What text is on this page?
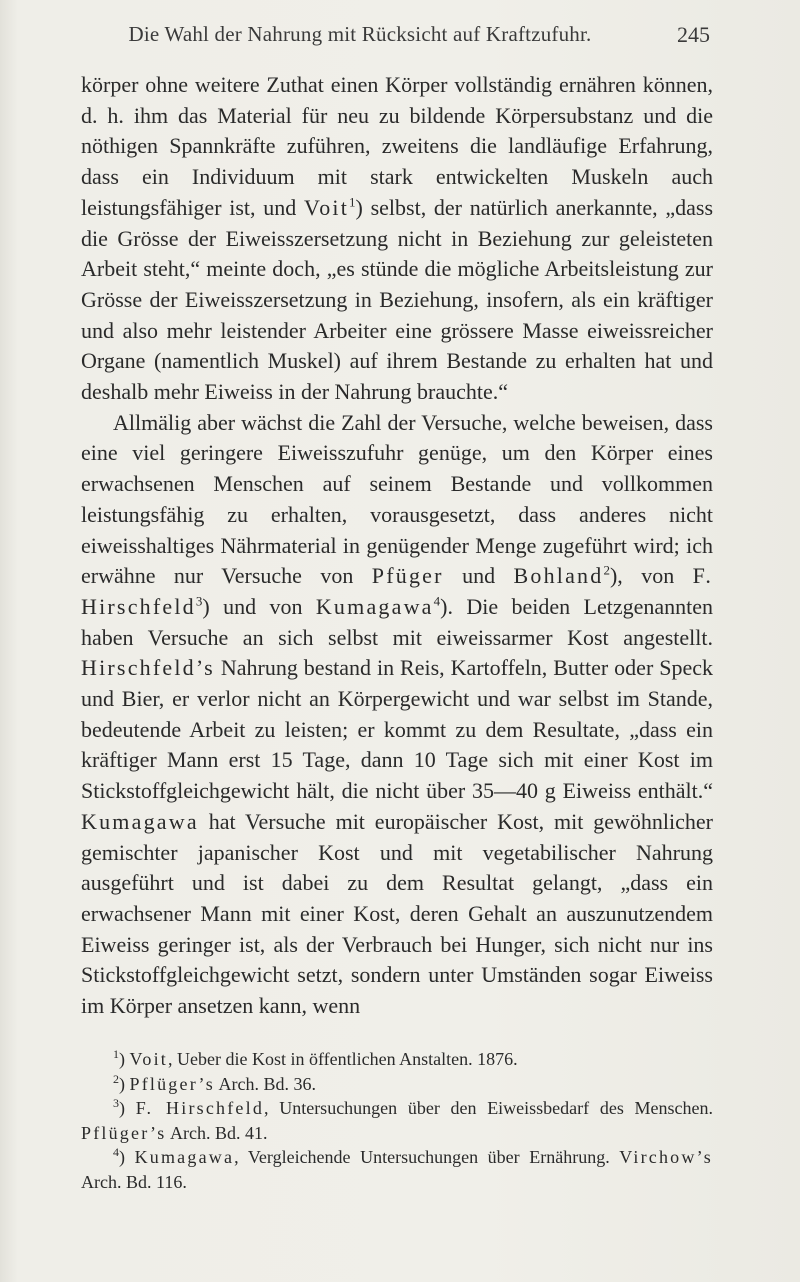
Die Wahl der Nahrung mit Rücksicht auf Kraftzufuhr.	245

körper ohne weitere Zuthat einen Körper vollständig ernähren können, d. h. ihm das Material für neu zu bildende Körpersubstanz und die nöthigen Spannkräfte zuführen, zweitens die landläufige Erfahrung, dass ein Individuum mit stark entwickelten Muskeln auch leistungsfähiger ist, und Voit$^1$) selbst, der natürlich anerkannte, „dass die Grösse der Eiweisszersetzung nicht in Beziehung zur geleisteten Arbeit steht,“ meinte doch, „es stünde die mögliche Arbeitsleistung zur Grösse der Eiweisszersetzung in Beziehung, insofern, als ein kräftiger und also mehr leistender Arbeiter eine grössere Masse eiweissreicher Organe (namentlich Muskel) auf ihrem Bestande zu erhalten hat und deshalb mehr Eiweiss in der Nahrung brauchte.“

Allmälig aber wächst die Zahl der Versuche, welche beweisen, dass eine viel geringere Eiweisszufuhr genüge, um den Körper eines erwachsenen Menschen auf seinem Bestande und vollkommen leistungsfähig zu erhalten, vorausgesetzt, dass anderes nicht eiweisshaltiges Nährmaterial in genügender Menge zugeführt wird; ich erwähne nur Versuche von Pfüger und Bohland$^2$), von F. Hirschfeld$^3$) und von Kumagawa$^4$). Die beiden Letzgenannten haben Versuche an sich selbst mit eiweissarmer Kost angestellt. Hirschfeld’s Nahrung bestand in Reis, Kartoffeln, Butter oder Speck und Bier, er verlor nicht an Körpergewicht und war selbst im Stande, bedeutende Arbeit zu leisten; er kommt zu dem Resultate, „dass ein kräftiger Mann erst 15 Tage, dann 10 Tage sich mit einer Kost im Stickstoffgleichgewicht hält, die nicht über 35—40 g Eiweiss enthält.“ Kumagawa hat Versuche mit europäischer Kost, mit gewöhnlicher gemischter japanischer Kost und mit vegetabilischer Nahrung ausgeführt und ist dabei zu dem Resultat gelangt, „dass ein erwachsener Mann mit einer Kost, deren Gehalt an auszunutzendem Eiweiss geringer ist, als der Verbrauch bei Hunger, sich nicht nur ins Stickstoffgleichgewicht setzt, sondern unter Umständen sogar Eiweiss im Körper ansetzen kann, wenn

$^1$) Voit, Ueber die Kost in öffentlichen Anstalten. 1876.

$^2$) Pflüger’s Arch. Bd. 36.

$^3$) F. Hirschfeld, Untersuchungen über den Eiweissbedarf des Menschen. Pflüger’s Arch. Bd. 41.

$^4$) Kumagawa, Vergleichende Untersuchungen über Ernährung. Virchow’s Arch. Bd. 116.
